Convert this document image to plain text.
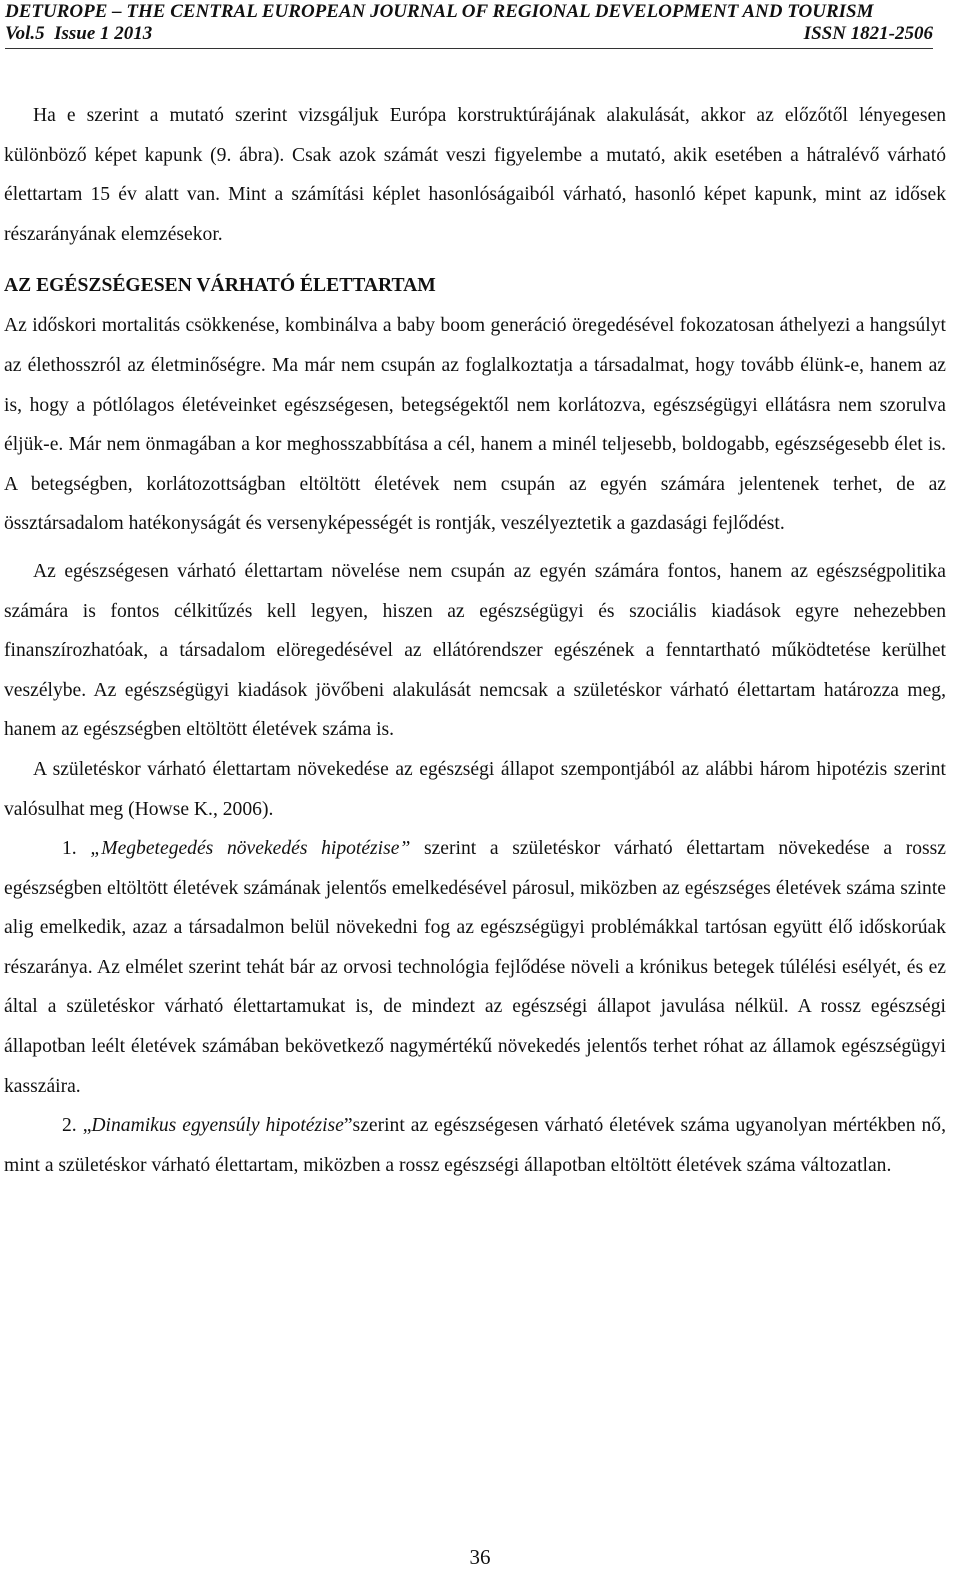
DETUROPE – THE CENTRAL EUROPEAN JOURNAL OF REGIONAL DEVELOPMENT AND TOURISM
Vol.5  Issue 1 2013	ISSN 1821-2506

Ha e szerint a mutató szerint vizsgáljuk Európa korstruktúrájának alakulását, akkor az előzőtől lényegesen különböző képet kapunk (9. ábra). Csak azok számát veszi figyelembe a mutató, akik esetében a hátralévő várható élettartam 15 év alatt van. Mint a számítási képlet hasonlóságaiból várható, hasonló képet kapunk, mint az idősek részarányának elemzésekor.

AZ EGÉSZSÉGESEN VÁRHATÓ ÉLETTARTAM

Az időskori mortalitás csökkenése, kombinálva a baby boom generáció öregedésével fokozatosan áthelyezi a hangsúlyt az élethosszról az életminőségre. Ma már nem csupán az foglalkoztatja a társadalmat, hogy tovább élünk-e, hanem az is, hogy a pótlólagos életéveinket egészségesen, betegségektől nem korlátozva, egészségügyi ellátásra nem szorulva éljük-e. Már nem önmagában a kor meghosszabbítása a cél, hanem a minél teljesebb, boldogabb, egészségesebb élet is. A betegségben, korlátozottságban eltöltött életévek nem csupán az egyén számára jelentenek terhet, de az össztársadalom hatékonyságát és versenyképességét is rontják, veszélyeztetik a gazdasági fejlődést.

Az egészségesen várható élettartam növelése nem csupán az egyén számára fontos, hanem az egészségpolitika számára is fontos célkitűzés kell legyen, hiszen az egészségügyi és szociális kiadások egyre nehezebben finanszírozhatóak, a társadalom elöregedésével az ellátórendszer egészének a fenntartható működtetése kerülhet veszélybe. Az egészségügyi kiadások jövőbeni alakulását nemcsak a születéskor várható élettartam határozza meg, hanem az egészségben eltöltött életévek száma is.

A születéskor várható élettartam növekedése az egészségi állapot szempontjából az alábbi három hipotézis szerint valósulhat meg (Howse K., 2006).

1. „Megbetegedés növekedés hipotézise” szerint a születéskor várható élettartam növekedése a rossz egészségben eltöltött életévek számának jelentős emelkedésével párosul, miközben az egészséges életévek száma szinte alig emelkedik, azaz a társadalmon belül növekedni fog az egészségügyi problémákkal tartósan együtt élő időskorúak részaránya. Az elmélet szerint tehát bár az orvosi technológia fejlődése növeli a krónikus betegek túlélési esélyét, és ez által a születéskor várható élettartamukat is, de mindezt az egészségi állapot javulása nélkül. A rossz egészségi állapotban leélt életévek számában bekövetkező nagymértékű növekedés jelentős terhet róhat az államok egészségügyi kasszáira.

2. „Dinamikus egyensúly hipotézise”szerint az egészségesen várható életévek száma ugyanolyan mértékben nő, mint a születéskor várható élettartam, miközben a rossz egészségi állapotban eltöltött életévek száma változatlan.

36
